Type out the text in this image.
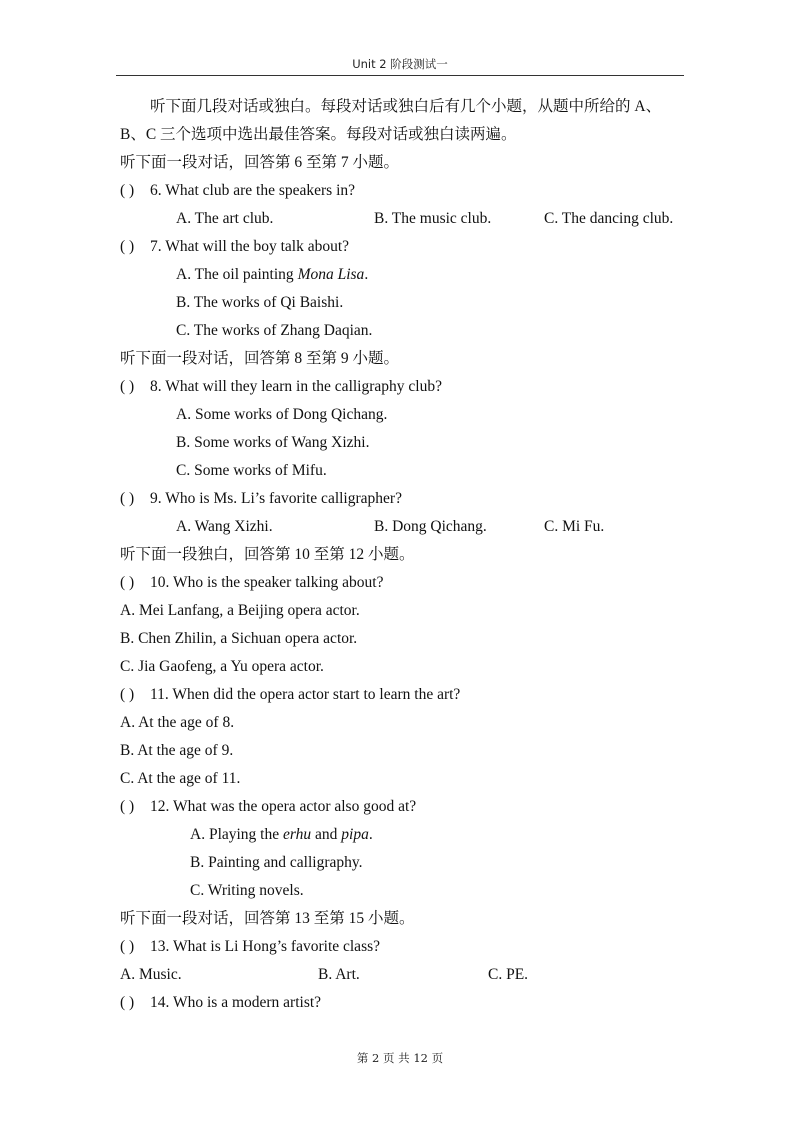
Unit 2 阶段测试一
听下面几段对话或独白。每段对话或独白后有几个小题，从题中所给的 A、
B、C 三个选项中选出最佳答案。每段对话或独白读两遍。
听下面一段对话，回答第 6 至第 7 小题。
( ) 6. What club are the speakers in?
A. The art club.	B. The music club.	C. The dancing club.
( ) 7. What will the boy talk about?
A. The oil painting Mona Lisa.
B. The works of Qi Baishi.
C. The works of Zhang Daqian.
听下面一段对话，回答第 8 至第 9 小题。
( ) 8. What will they learn in the calligraphy club?
A. Some works of Dong Qichang.
B. Some works of Wang Xizhi.
C. Some works of Mifu.
( ) 9. Who is Ms. Li’s favorite calligrapher?
A. Wang Xizhi.	B. Dong Qichang.	C. Mi Fu.
听下面一段独白，回答第 10 至第 12 小题。
( ) 10. Who is the speaker talking about?
A. Mei Lanfang, a Beijing opera actor.
B. Chen Zhilin, a Sichuan opera actor.
C. Jia Gaofeng, a Yu opera actor.
( ) 11. When did the opera actor start to learn the art?
A. At the age of 8.
B. At the age of 9.
C. At the age of 11.
( ) 12. What was the opera actor also good at?
A. Playing the erhu and pipa.
B. Painting and calligraphy.
C. Writing novels.
听下面一段对话，回答第 13 至第 15 小题。
( ) 13. What is Li Hong’s favorite class?
A. Music.	B. Art.	C. PE.
( ) 14. Who is a modern artist?
第 2 页 共 12 页
